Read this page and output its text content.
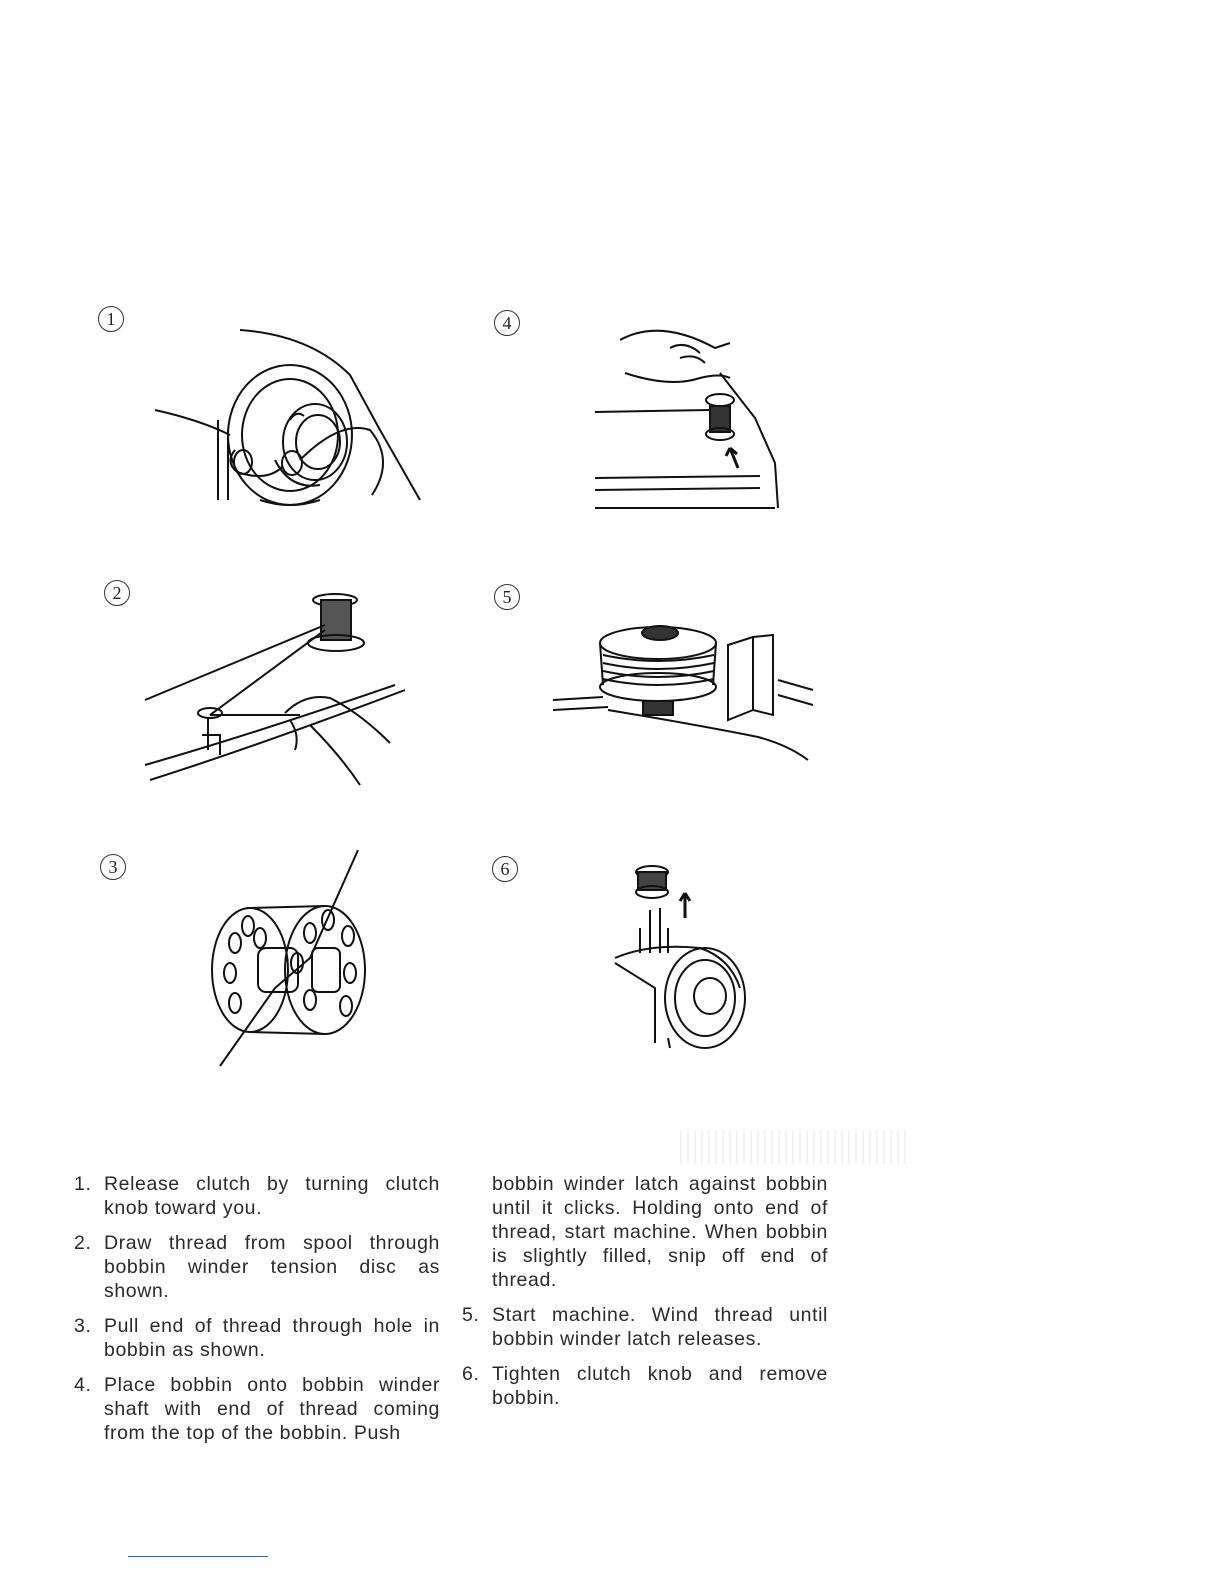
1
2
3
4
5
6
1. Release clutch by turning clutch knob toward you.
2. Draw thread from spool through bobbin winder tension disc as shown.
3. Pull end of thread through hole in bobbin as shown.
4. Place bobbin onto bobbin winder shaft with end of thread coming from the top of the bobbin. Push
bobbin winder latch against bobbin until it clicks. Holding onto end of thread, start machine. When bobbin is slightly filled, snip off end of thread.
5. Start machine. Wind thread until bobbin winder latch releases.
6. Tighten clutch knob and remove bobbin.
